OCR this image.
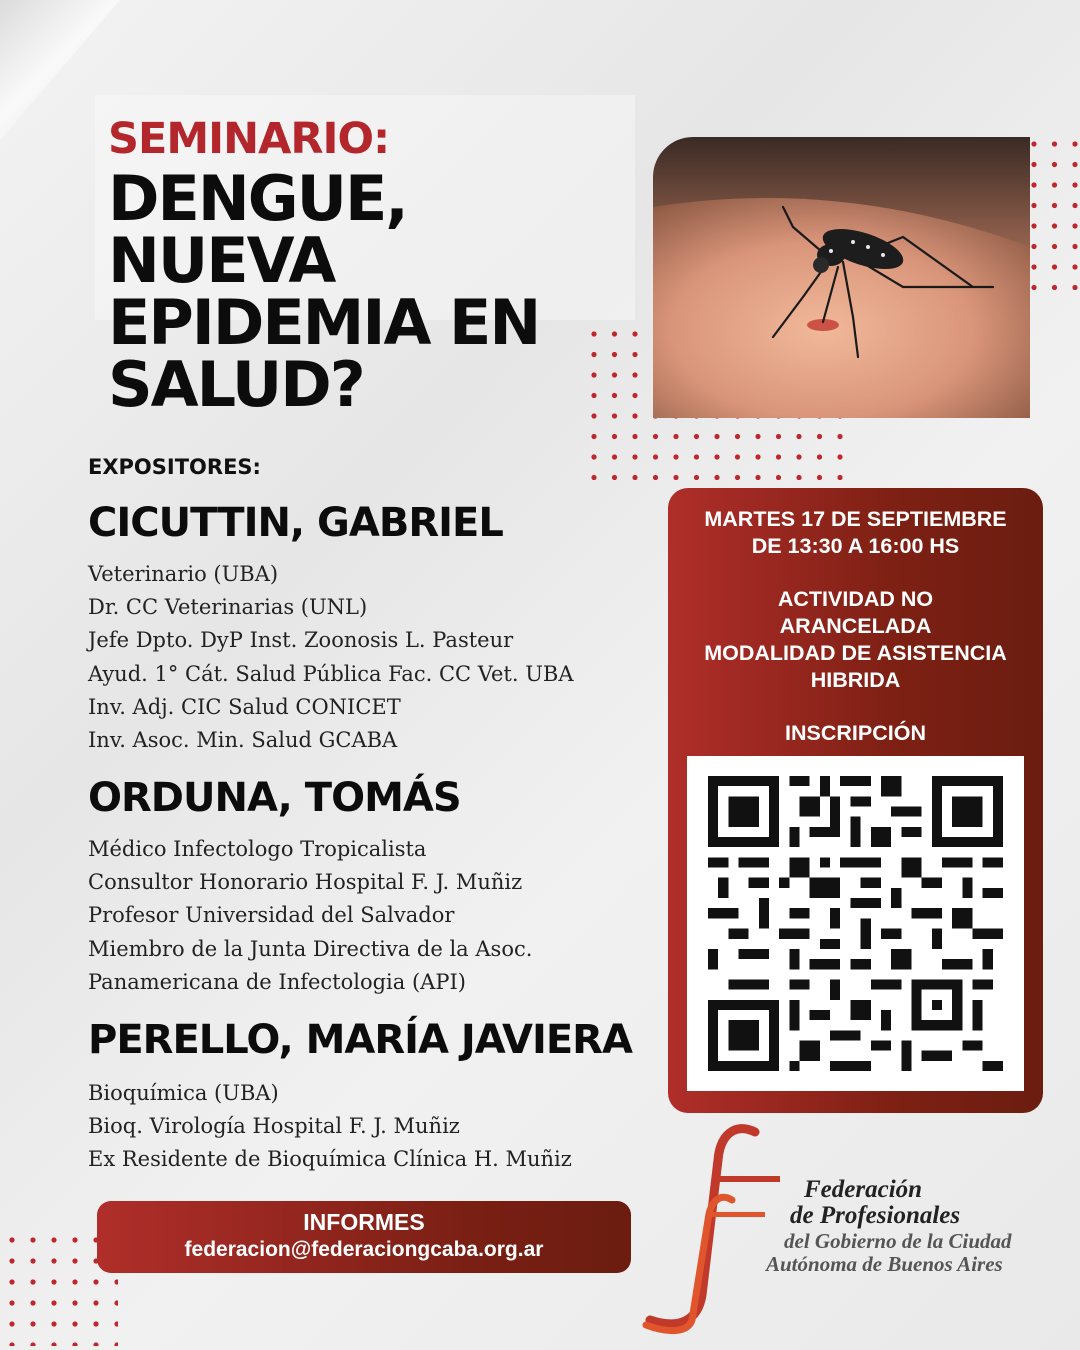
SEMINARIO:

DENGUE,
NUEVA
EPIDEMIA EN
SALUD?

EXPOSITORES:

CICUTTIN, GABRIEL
Veterinario (UBA)
Dr. CC Veterinarias (UNL)
Jefe Dpto. DyP Inst. Zoonosis L. Pasteur
Ayud. 1° Cát. Salud Pública Fac. CC Vet. UBA
Inv. Adj. CIC Salud CONICET
Inv. Asoc. Min. Salud GCABA
ORDUNA, TOMÁS
Médico Infectologo Tropicalista
Consultor Honorario Hospital F. J. Muñiz
Profesor Universidad del Salvador
Miembro de la Junta Directiva de la Asoc.
Panamericana de Infectologia (API)
PERELLO, MARÍA JAVIERA
Bioquímica (UBA)
Bioq. Virología Hospital F. J. Muñiz
Ex Residente de Bioquímica Clínica H. Muñiz

MARTES 17 DE SEPTIEMBRE

DE 13:30 A 16:00 HS

ACTIVIDAD NO

ARANCELADA

MODALIDAD DE ASISTENCIA

HIBRIDA

INSCRIPCIÓN

INFORMES

federacion@federaciongcaba.org.ar

Federación
de Profesionales
del Gobierno de la Ciudad
Autónoma de Buenos Aires
